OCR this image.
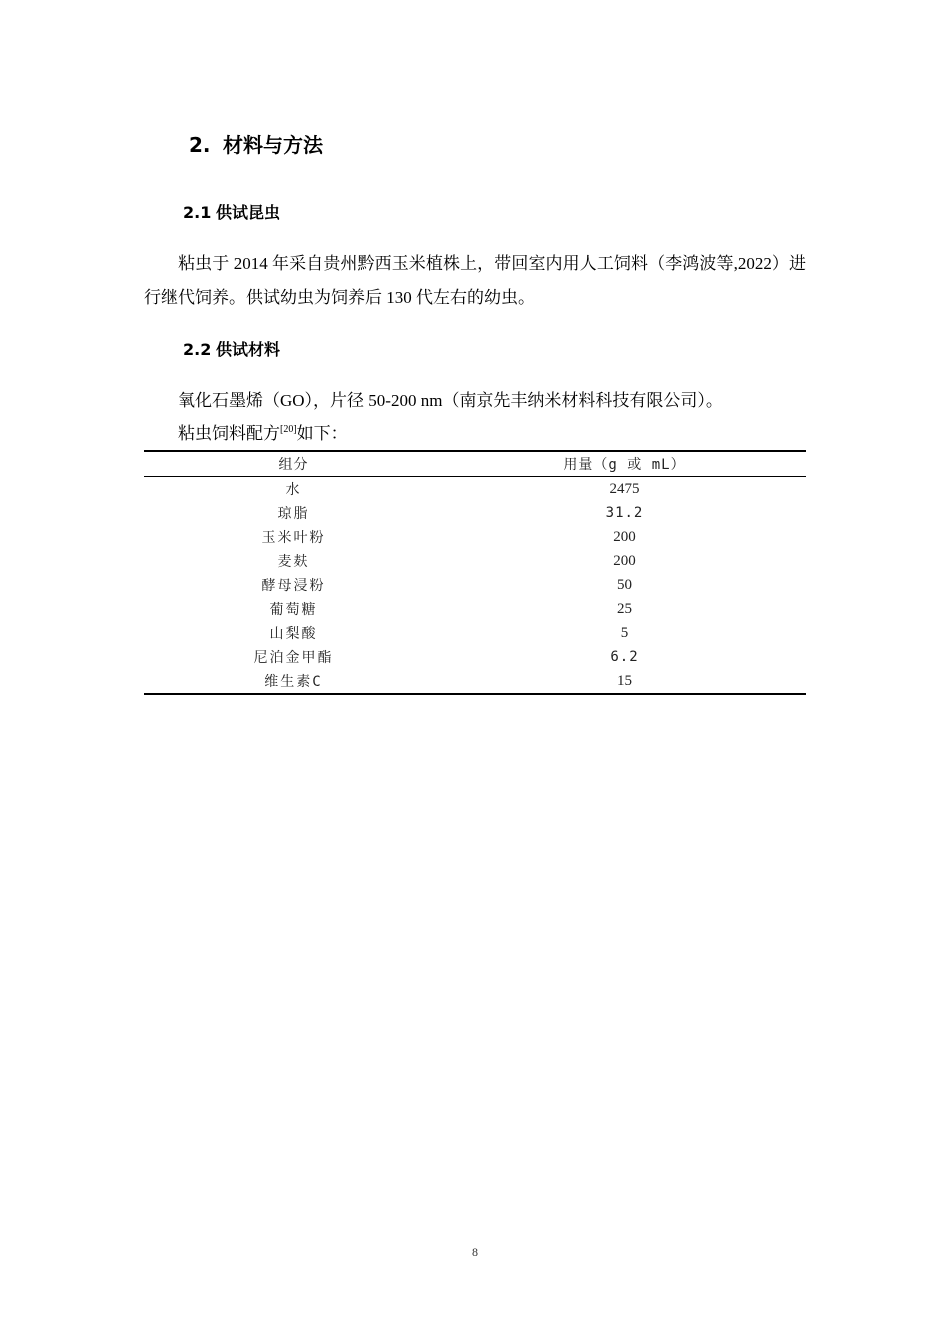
2. 材料与方法
2.1 供试昆虫
粘虫于 2014 年采自贵州黔西玉米植株上，带回室内用人工饲料（李鸿波等,2022）进行继代饲养。供试幼虫为饲养后 130 代左右的幼虫。
2.2 供试材料
氧化石墨烯（GO），片径 50-200 nm（南京先丰纳米材料科技有限公司）。
粘虫饲料配方[20]如下：
组分	用量（g 或 mL）
水	2475
琼脂	31.2
玉米叶粉	200
麦麸	200
酵母浸粉	50
葡萄糖	25
山梨酸	5
尼泊金甲酯	6.2
维生素C	15
8
